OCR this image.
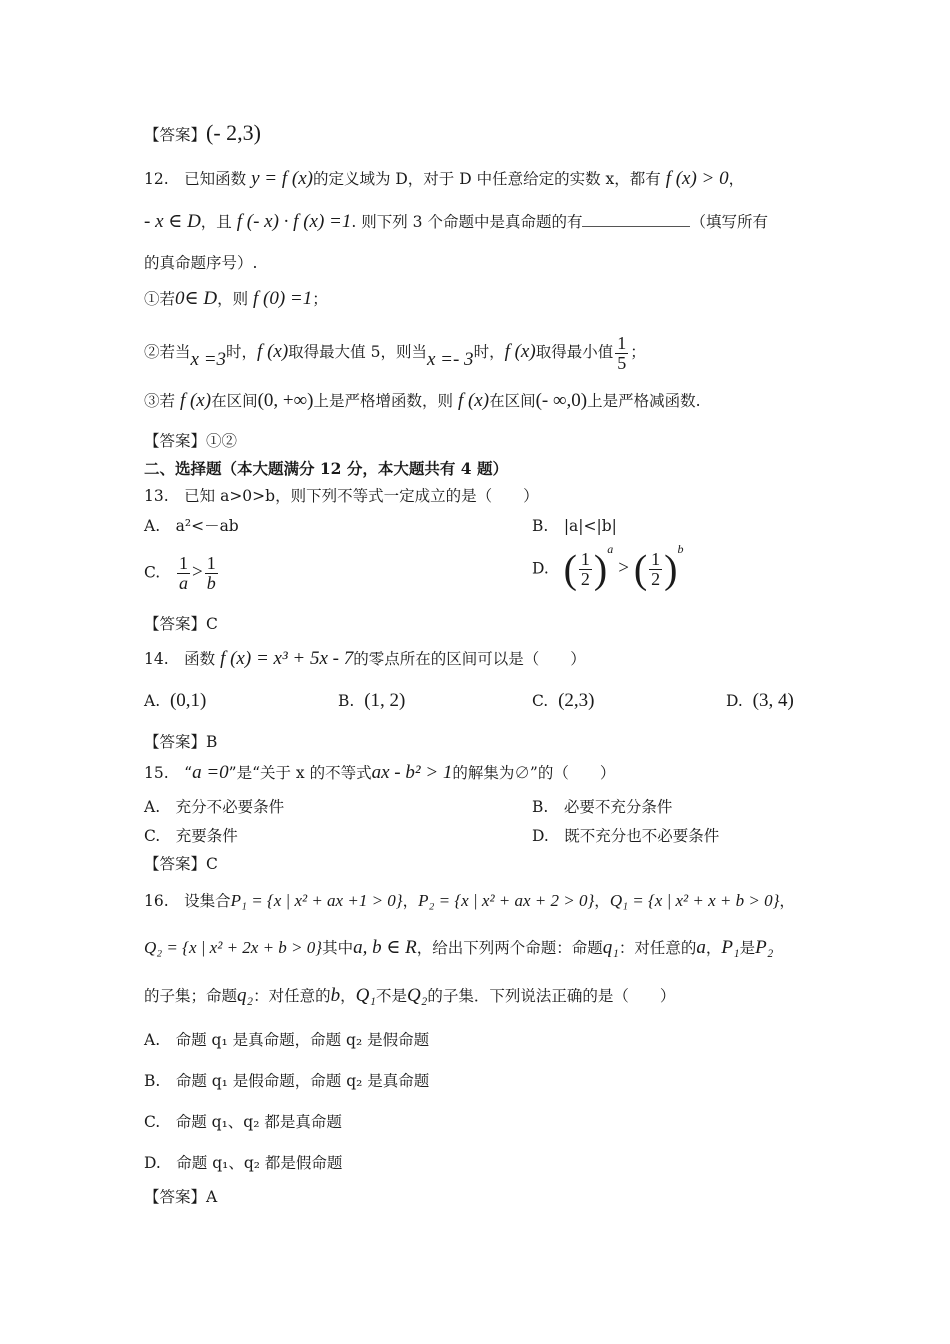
【答案】(- 2,3)
12.　已知函数 y = f (x)的定义域为 D，对于 D 中任意给定的实数 x，都有 f (x) > 0，
- x ∈ D，且 f (- x) · f (x) =1. 则下列 3 个命题中是真命题的有	（填写所有
的真命题序号）.
①若0∈ D，则 f (0) =1；
②若当x =3时，f (x)取得最大值 5，则当x =- 3时，f (x)取得最小值 $\frac{1}{5}$ ；
③若 f (x)在区间(0, +∞)上是严格增函数，则 f (x)在区间(- ∞,0)上是严格减函数.
【答案】①②
二、选择题（本大题满分 12 分，本大题共有 4 题）
13.　已知 a>0>b，则下列不等式一定成立的是（　　）
A.　a²<－ab	B.　|a|<|b|
C. $\frac{1}{a} > \frac{1}{b}$	D. ( $\frac{1}{2} )^a$ > ( $\frac{1}{2} )^b$
【答案】C
14.　函数 f (x) = x³ + 5x - 7的零点所在的区间可以是（　　）
A. (0,1)	B. (1, 2)	C. (2,3)	D. (3, 4)
【答案】B
15.　“a =0”是“关于 x 的不等式ax - b² > 1的解集为∅”的（　　）
A.　充分不必要条件	B.　必要不充分条件
C.　充要条件	D.　既不充分也不必要条件
【答案】C
16.　设集合P₁ = {x | x² + ax +1 > 0}，P₂ = {x | x² + ax + 2 > 0}，Q₁ = {x | x² + x + b > 0}，
Q₂ = {x | x² + 2x + b > 0}其中a, b ∈ R，给出下列两个命题：命题q₁：对任意的a，P₁是P₂
的子集；命题q₂：对任意的b，Q₁不是Q₂的子集．下列说法正确的是（　　）
A.　命题 q₁ 是真命题，命题 q₂ 是假命题
B.　命题 q₁ 是假命题，命题 q₂ 是真命题
C.　命题 q₁、q₂ 都是真命题
D.　命题 q₁、q₂ 都是假命题
【答案】A
